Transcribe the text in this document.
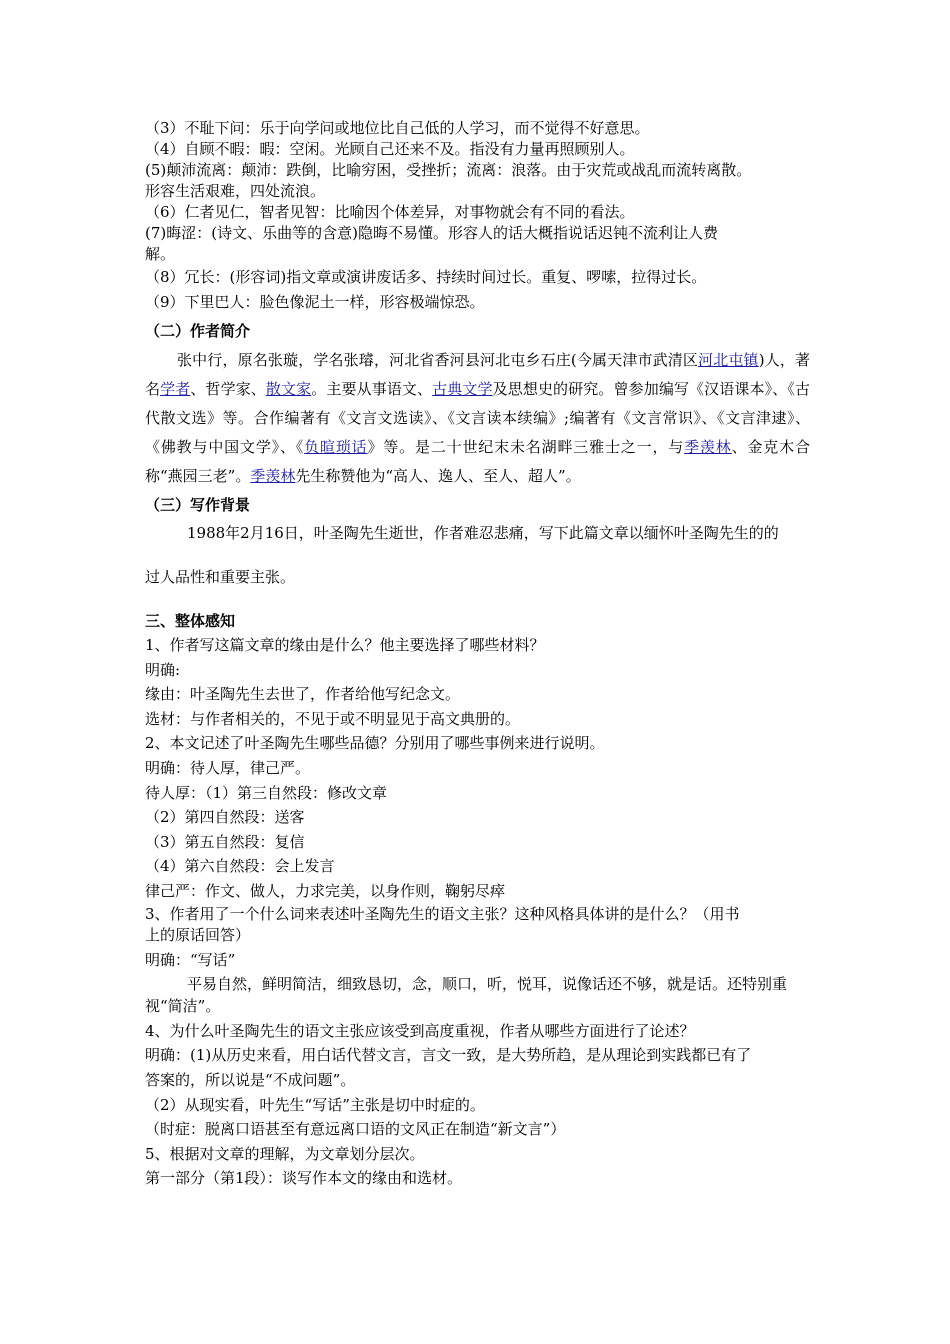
（3）不耻下问：乐于向学问或地位比自己低的人学习，而不觉得不好意思。
（4）自顾不暇：暇：空闲。光顾自己还来不及。指没有力量再照顾别人。
(5)颠沛流离：颠沛：跌倒，比喻穷困，受挫折；流离：浪落。由于灾荒或战乱而流转离散。
形容生活艰难，四处流浪。
（6）仁者见仁，智者见智：比喻因个体差异，对事物就会有不同的看法。
(7)晦涩：(诗文、乐曲等的含意)隐晦不易懂。形容人的话大概指说话迟钝不流利让人费
解。
（8）冗长：(形容词)指文章或演讲废话多、持续时间过长。重复、啰嗦，拉得过长。
（9）下里巴人：脸色像泥土一样，形容极端惊恐。
（二）作者简介
张中行，原名张璇，学名张璿，河北省香河县河北屯乡石庄(今属天津市武清区河北屯镇)人，著名学者、哲学家、散文家。主要从事语文、古典文学及思想史的研究。曾参加编写《汉语课本》、《古代散文选》等。合作编著有《文言文选读》、《文言读本续编》;编著有《文言常识》、《文言津逮》、《佛教与中国文学》、《负暄琐话》等。是二十世纪末未名湖畔三雅士之一，与季羡林、金克木合称“燕园三老”。季羡林先生称赞他为“高人、逸人、至人、超人”。
（三）写作背景
1988年2月16日，叶圣陶先生逝世，作者难忍悲痛，写下此篇文章以缅怀叶圣陶先生的的
过人品性和重要主张。
三、整体感知
1、作者写这篇文章的缘由是什么？他主要选择了哪些材料？
明确:
缘由：叶圣陶先生去世了，作者给他写纪念文。
选材：与作者相关的，不见于或不明显见于高文典册的。
2、本文记述了叶圣陶先生哪些品德？分别用了哪些事例来进行说明。
明确：待人厚，律己严。
待人厚：（1）第三自然段：修改文章
（2）第四自然段：送客
（3）第五自然段：复信
（4）第六自然段：会上发言
律己严：作文、做人，力求完美，以身作则，鞠躬尽瘁
3、作者用了一个什么词来表述叶圣陶先生的语文主张？这种风格具体讲的是什么？（用书
上的原话回答）
明确：“写话”
平易自然，鲜明简洁，细致恳切，念，顺口，听，悦耳，说像话还不够，就是话。还特别重
视“简洁”。
4、为什么叶圣陶先生的语文主张应该受到高度重视，作者从哪些方面进行了论述？
明确：(1)从历史来看，用白话代替文言，言文一致，是大势所趋，是从理论到实践都已有了
答案的，所以说是“不成问题”。
（2）从现实看，叶先生“写话”主张是切中时症的。
（时症：脱离口语甚至有意远离口语的文风正在制造“新文言”）
5、根据对文章的理解，为文章划分层次。
第一部分（第1段）：谈写作本文的缘由和选材。
